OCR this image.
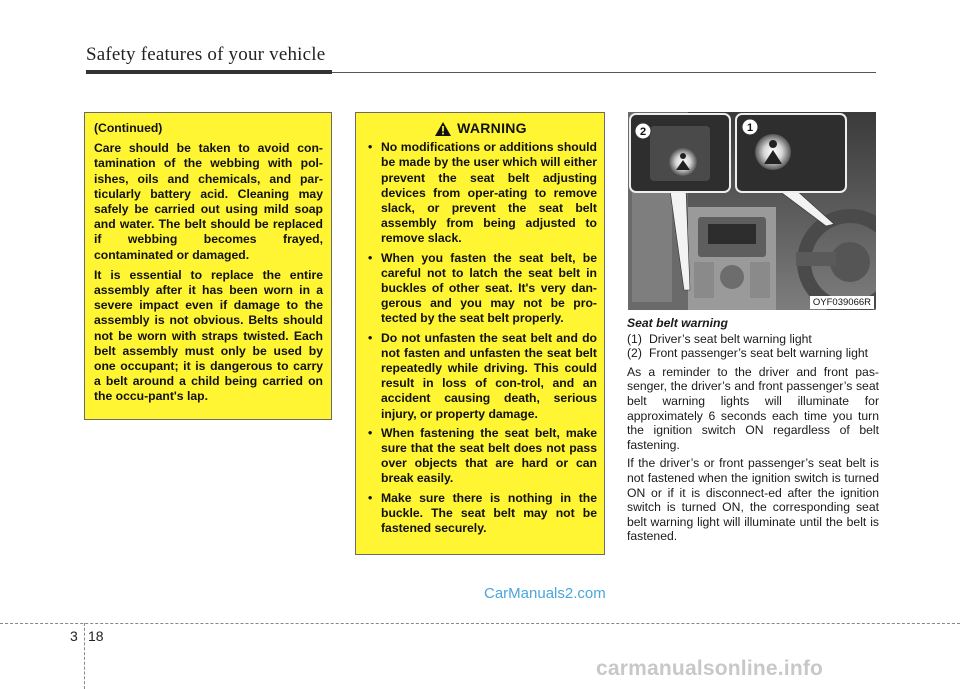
Safety features of your vehicle

(Continued)

Care should be taken to avoid con-tamination of the webbing with pol-ishes, oils and chemicals, and par-ticularly battery acid. Cleaning may safely be carried out using mild soap and water. The belt should be replaced if webbing becomes frayed, contaminated or damaged.

It is essential to replace the entire assembly after it has been worn in a severe impact even if damage to the assembly is not obvious. Belts should not be worn with straps twisted. Each belt assembly must only be used by one occupant; it is dangerous to carry a belt around a child being carried on the occu-pant's lap.

WARNING
• No modifications or additions should be made by the user which will either prevent the seat belt adjusting devices from oper-ating to remove slack, or prevent the seat belt assembly from being adjusted to remove slack.
• When you fasten the seat belt, be careful not to latch the seat belt in buckles of other seat. It's very dan-gerous and you may not be pro-tected by the seat belt properly.
• Do not unfasten the seat belt and do not fasten and unfasten the seat belt repeatedly while driving. This could result in loss of con-trol, and an accident causing death, serious injury, or property damage.
• When fastening the seat belt, make sure that the seat belt does not pass over objects that are hard or can break easily.
• Make sure there is nothing in the buckle. The seat belt may not be fastened securely.
2	1
OYF039066R
Seat belt warning
(1) Driver’s seat belt warning light
(2) Front passenger’s seat belt warning light

As a reminder to the driver and front pas-senger, the driver’s and front passenger’s seat belt warning lights will illuminate for approximately 6 seconds each time you turn the ignition switch ON regardless of belt fastening.

If the driver’s or front passenger’s seat belt is not fastened when the ignition switch is turned ON or if it is disconnect-ed after the ignition switch is turned ON, the corresponding seat belt warning light will illuminate until the belt is fastened.

CarManuals2.com
3 18
carmanualsonline.info
